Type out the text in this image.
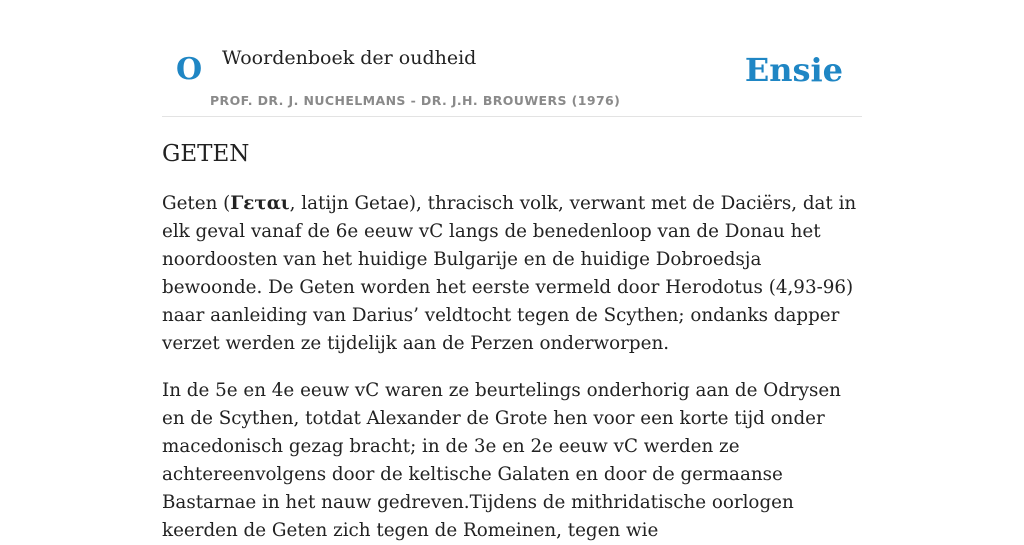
O Woordenboek der oudheid
PROF. DR. J. NUCHELMANS - DR. J.H. BROUWERS (1976)
Ensie
GETEN

Geten (Γεται, latijn Getae), thracisch volk, verwant met de Daciërs, dat in elk geval vanaf de 6e eeuw vC langs de benedenloop van de Donau het noordoosten van het huidige Bulgarije en de huidige Dobroedsja bewoonde. De Geten worden het eerste vermeld door Herodotus (4,93-96) naar aanleiding van Darius’ veldtocht tegen de Scythen; ondanks dapper verzet werden ze tijdelijk aan de Perzen onderworpen.

In de 5e en 4e eeuw vC waren ze beurtelings onderhorig aan de Odrysen en de Scythen, totdat Alexander de Grote hen voor een korte tijd onder macedonisch gezag bracht; in de 3e en 2e eeuw vC werden ze achtereenvolgens door de keltische Galaten en door de germaanse Bastarnae in het nauw gedreven.Tijdens de mithridatische oorlogen keerden de Geten zich tegen de Romeinen, tegen wie
